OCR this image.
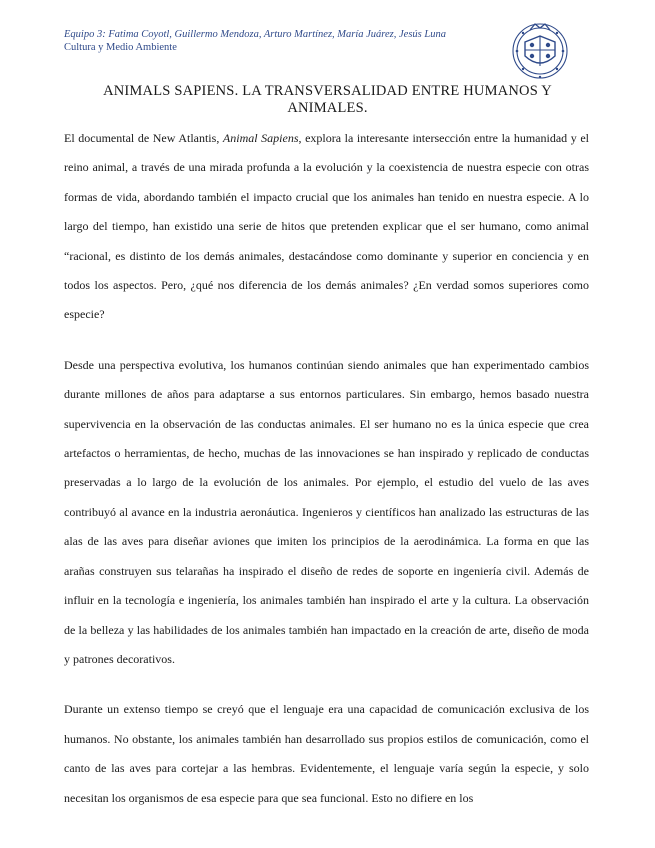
Equipo 3: Fatima Coyotl, Guillermo Mendoza, Arturo Martínez, María Juárez, Jesús Luna
Cultura y Medio Ambiente
ANIMALS SAPIENS. LA TRANSVERSALIDAD ENTRE HUMANOS Y ANIMALES.

El documental de New Atlantis, Animal Sapiens, explora la interesante intersección entre la humanidad y el reino animal, a través de una mirada profunda a la evolución y la coexistencia de nuestra especie con otras formas de vida, abordando también el impacto crucial que los animales han tenido en nuestra especie. A lo largo del tiempo, han existido una serie de hitos que pretenden explicar que el ser humano, como animal “racional, es distinto de los demás animales, destacándose como dominante y superior en conciencia y en todos los aspectos. Pero, ¿qué nos diferencia de los demás animales? ¿En verdad somos superiores como especie?

Desde una perspectiva evolutiva, los humanos continúan siendo animales que han experimentado cambios durante millones de años para adaptarse a sus entornos particulares. Sin embargo, hemos basado nuestra supervivencia en la observación de las conductas animales. El ser humano no es la única especie que crea artefactos o herramientas, de hecho, muchas de las innovaciones se han inspirado y replicado de conductas preservadas a lo largo de la evolución de los animales. Por ejemplo, el estudio del vuelo de las aves contribuyó al avance en la industria aeronáutica. Ingenieros y científicos han analizado las estructuras de las alas de las aves para diseñar aviones que imiten los principios de la aerodinámica. La forma en que las arañas construyen sus telarañas ha inspirado el diseño de redes de soporte en ingeniería civil. Además de influir en la tecnología e ingeniería, los animales también han inspirado el arte y la cultura. La observación de la belleza y las habilidades de los animales también han impactado en la creación de arte, diseño de moda y patrones decorativos.

Durante un extenso tiempo se creyó que el lenguaje era una capacidad de comunicación exclusiva de los humanos. No obstante, los animales también han desarrollado sus propios estilos de comunicación, como el canto de las aves para cortejar a las hembras. Evidentemente, el lenguaje varía según la especie, y solo necesitan los organismos de esa especie para que sea funcional. Esto no difiere en los
